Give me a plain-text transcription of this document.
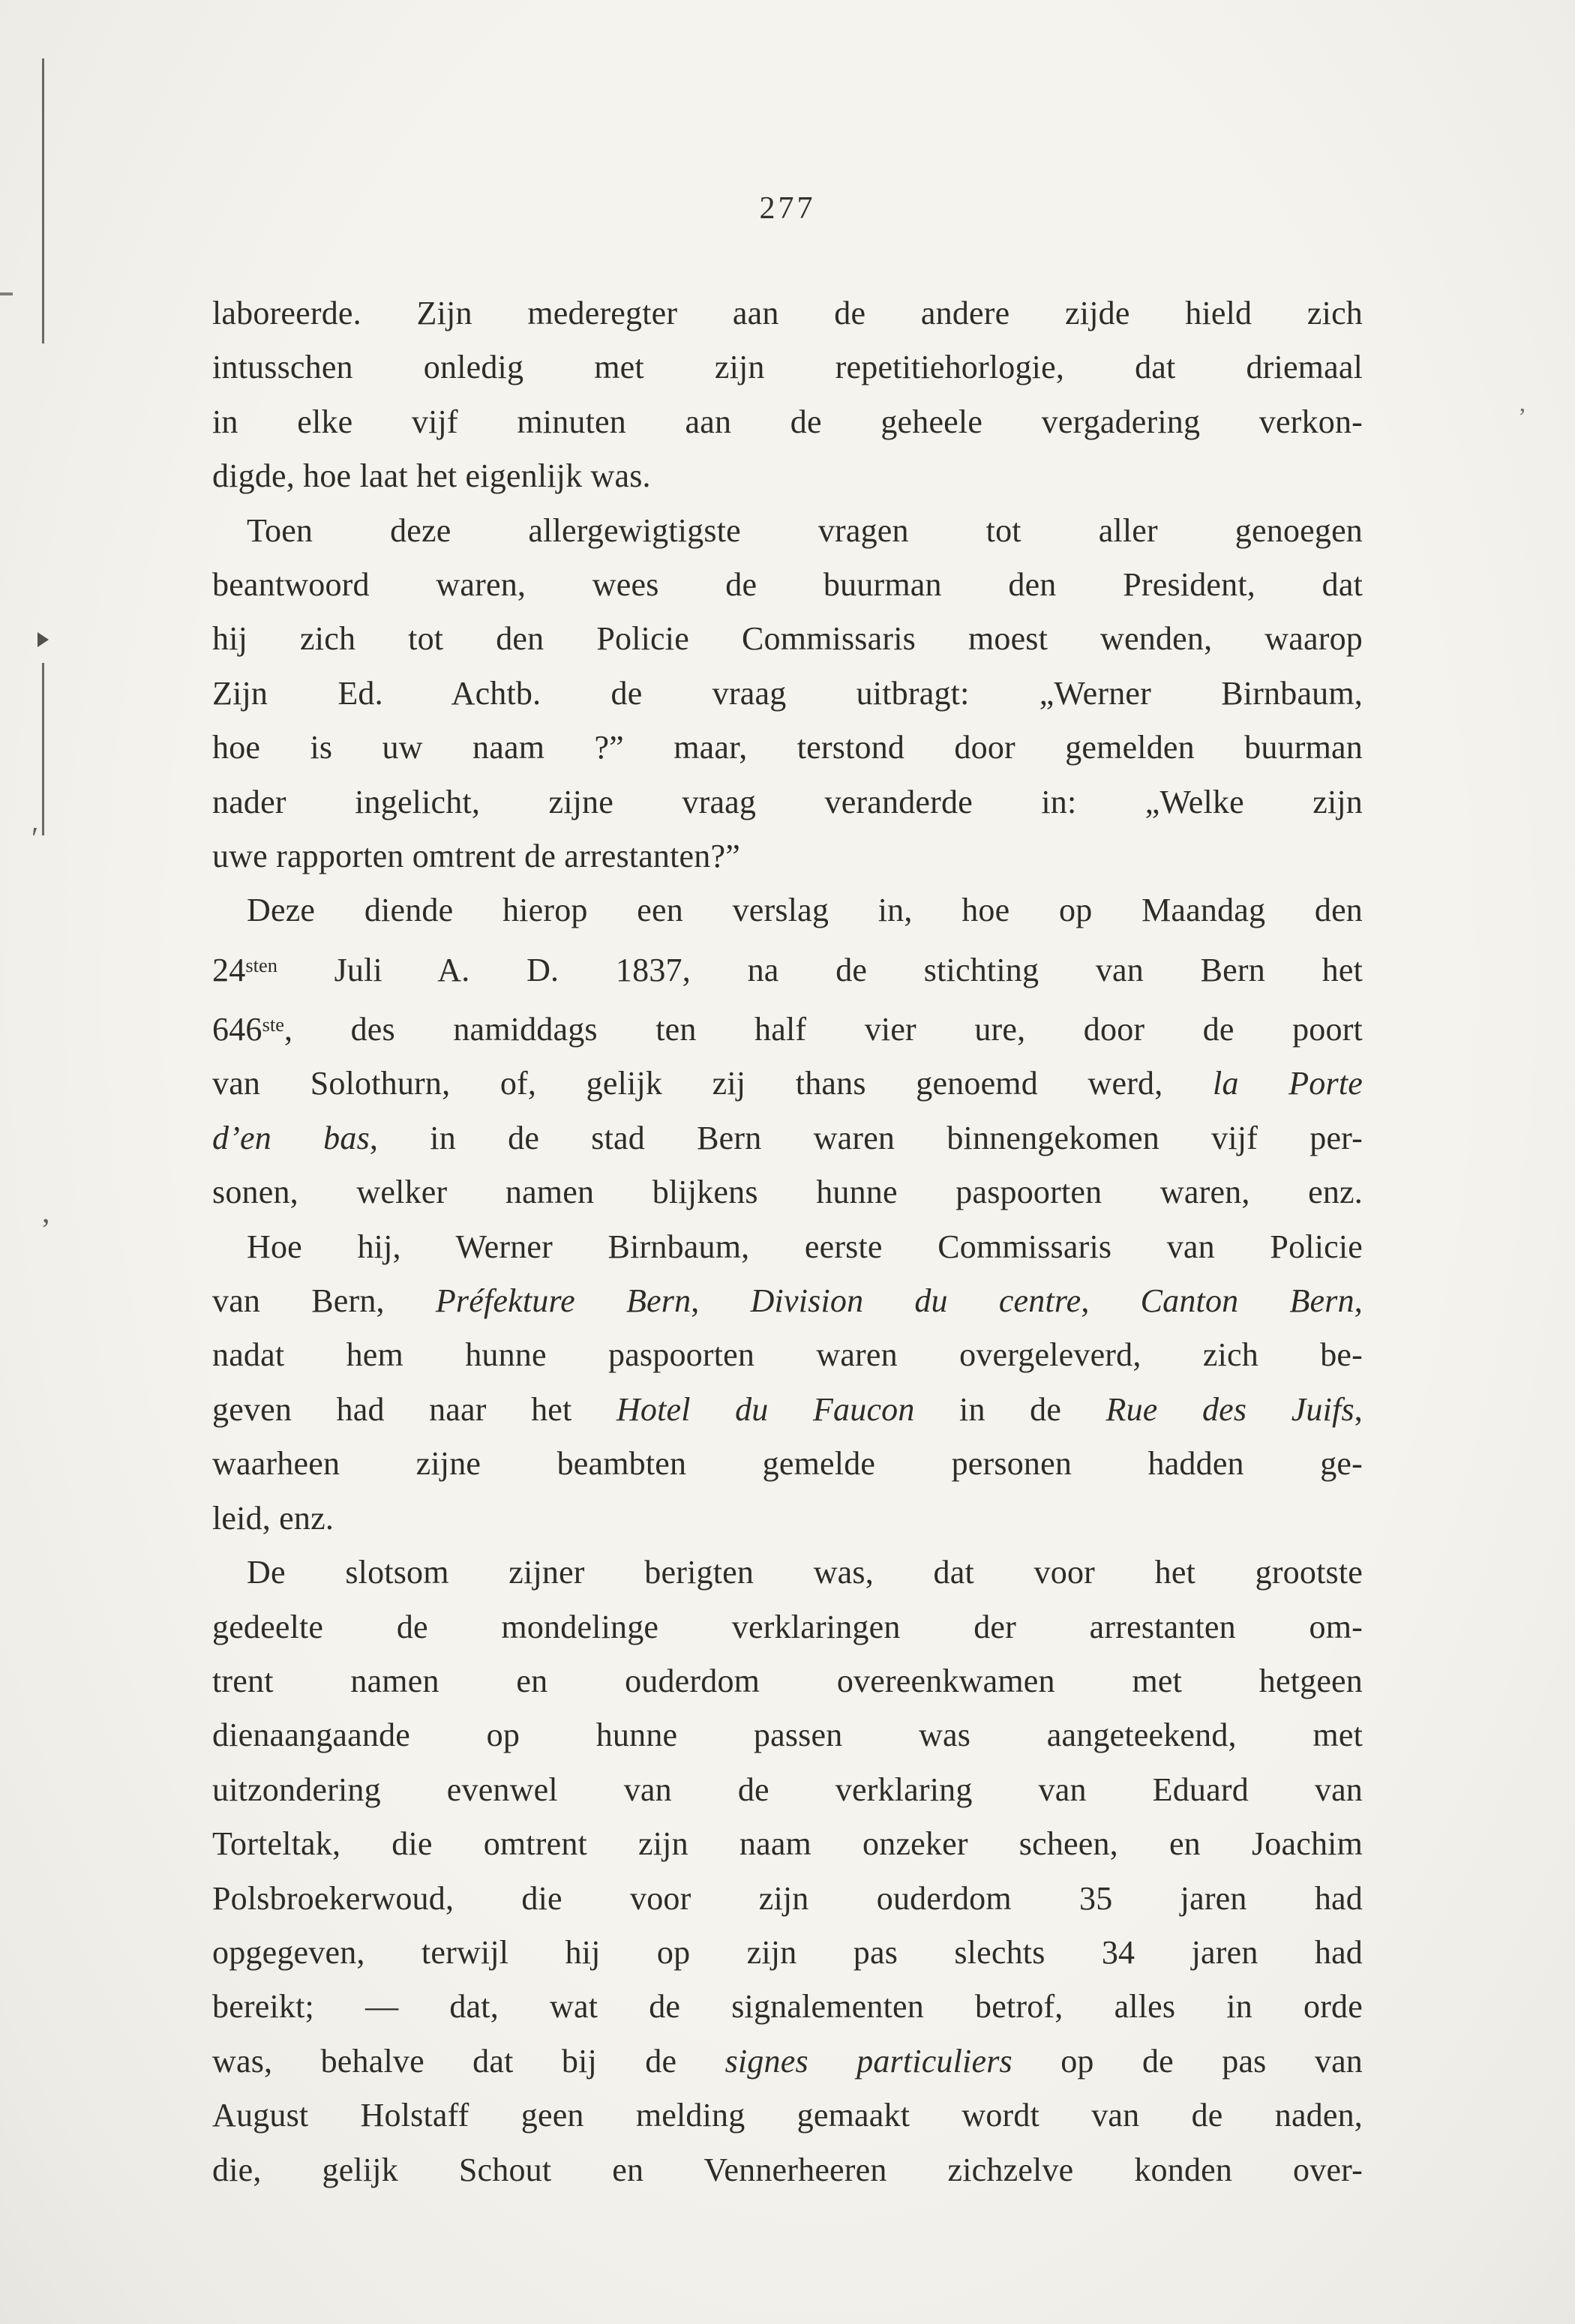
ʹ
,
’
277
laboreerde. Zijn mederegter aan de andere zijde hield zich
intusschen onledig met zijn repetitiehorlogie, dat driemaal
in elke vijf minuten aan de geheele vergadering verkon-
digde, hoe laat het eigenlijk was.
Toen deze allergewigtigste vragen tot aller genoegen
beantwoord waren, wees de buurman den President, dat
hij zich tot den Policie Commissaris moest wenden, waarop
Zijn Ed. Achtb. de vraag uitbragt: „Werner Birnbaum,
hoe is uw naam ?” maar, terstond door gemelden buurman
nader ingelicht, zijne vraag veranderde in: „Welke zijn
uwe rapporten omtrent de arrestanten?”
Deze diende hierop een verslag in, hoe op Maandag den
$24^{sten}$ Juli A. D. 1837, na de stichting van Bern het
646ste, des namiddags ten half vier ure, door de poort
van Solothurn, of, gelijk zij thans genoemd werd, la Porte
d’en bas, in de stad Bern waren binnengekomen vijf per-
sonen, welker namen blijkens hunne paspoorten waren, enz.
Hoe hij, Werner Birnbaum, eerste Commissaris van Policie
van Bern, Préfekture Bern, Division du centre, Canton Bern,
nadat hem hunne paspoorten waren overgeleverd, zich be-
geven had naar het Hotel du Faucon in de Rue des Juifs,
waarheen zijne beambten gemelde personen hadden ge-
leid, enz.
De slotsom zijner berigten was, dat voor het grootste
gedeelte de mondelinge verklaringen der arrestanten om-
trent namen en ouderdom overeenkwamen met hetgeen
dienaangaande op hunne passen was aangeteekend, met
uitzondering evenwel van de verklaring van Eduard van
Torteltak, die omtrent zijn naam onzeker scheen, en Joachim
Polsbroekerwoud, die voor zijn ouderdom 35 jaren had
opgegeven, terwijl hij op zijn pas slechts 34 jaren had
bereikt; — dat, wat de signalementen betrof, alles in orde
was, behalve dat bij de signes particuliers op de pas van
August Holstaff geen melding gemaakt wordt van de naden,
die, gelijk Schout en Vennerheeren zichzelve konden over-
